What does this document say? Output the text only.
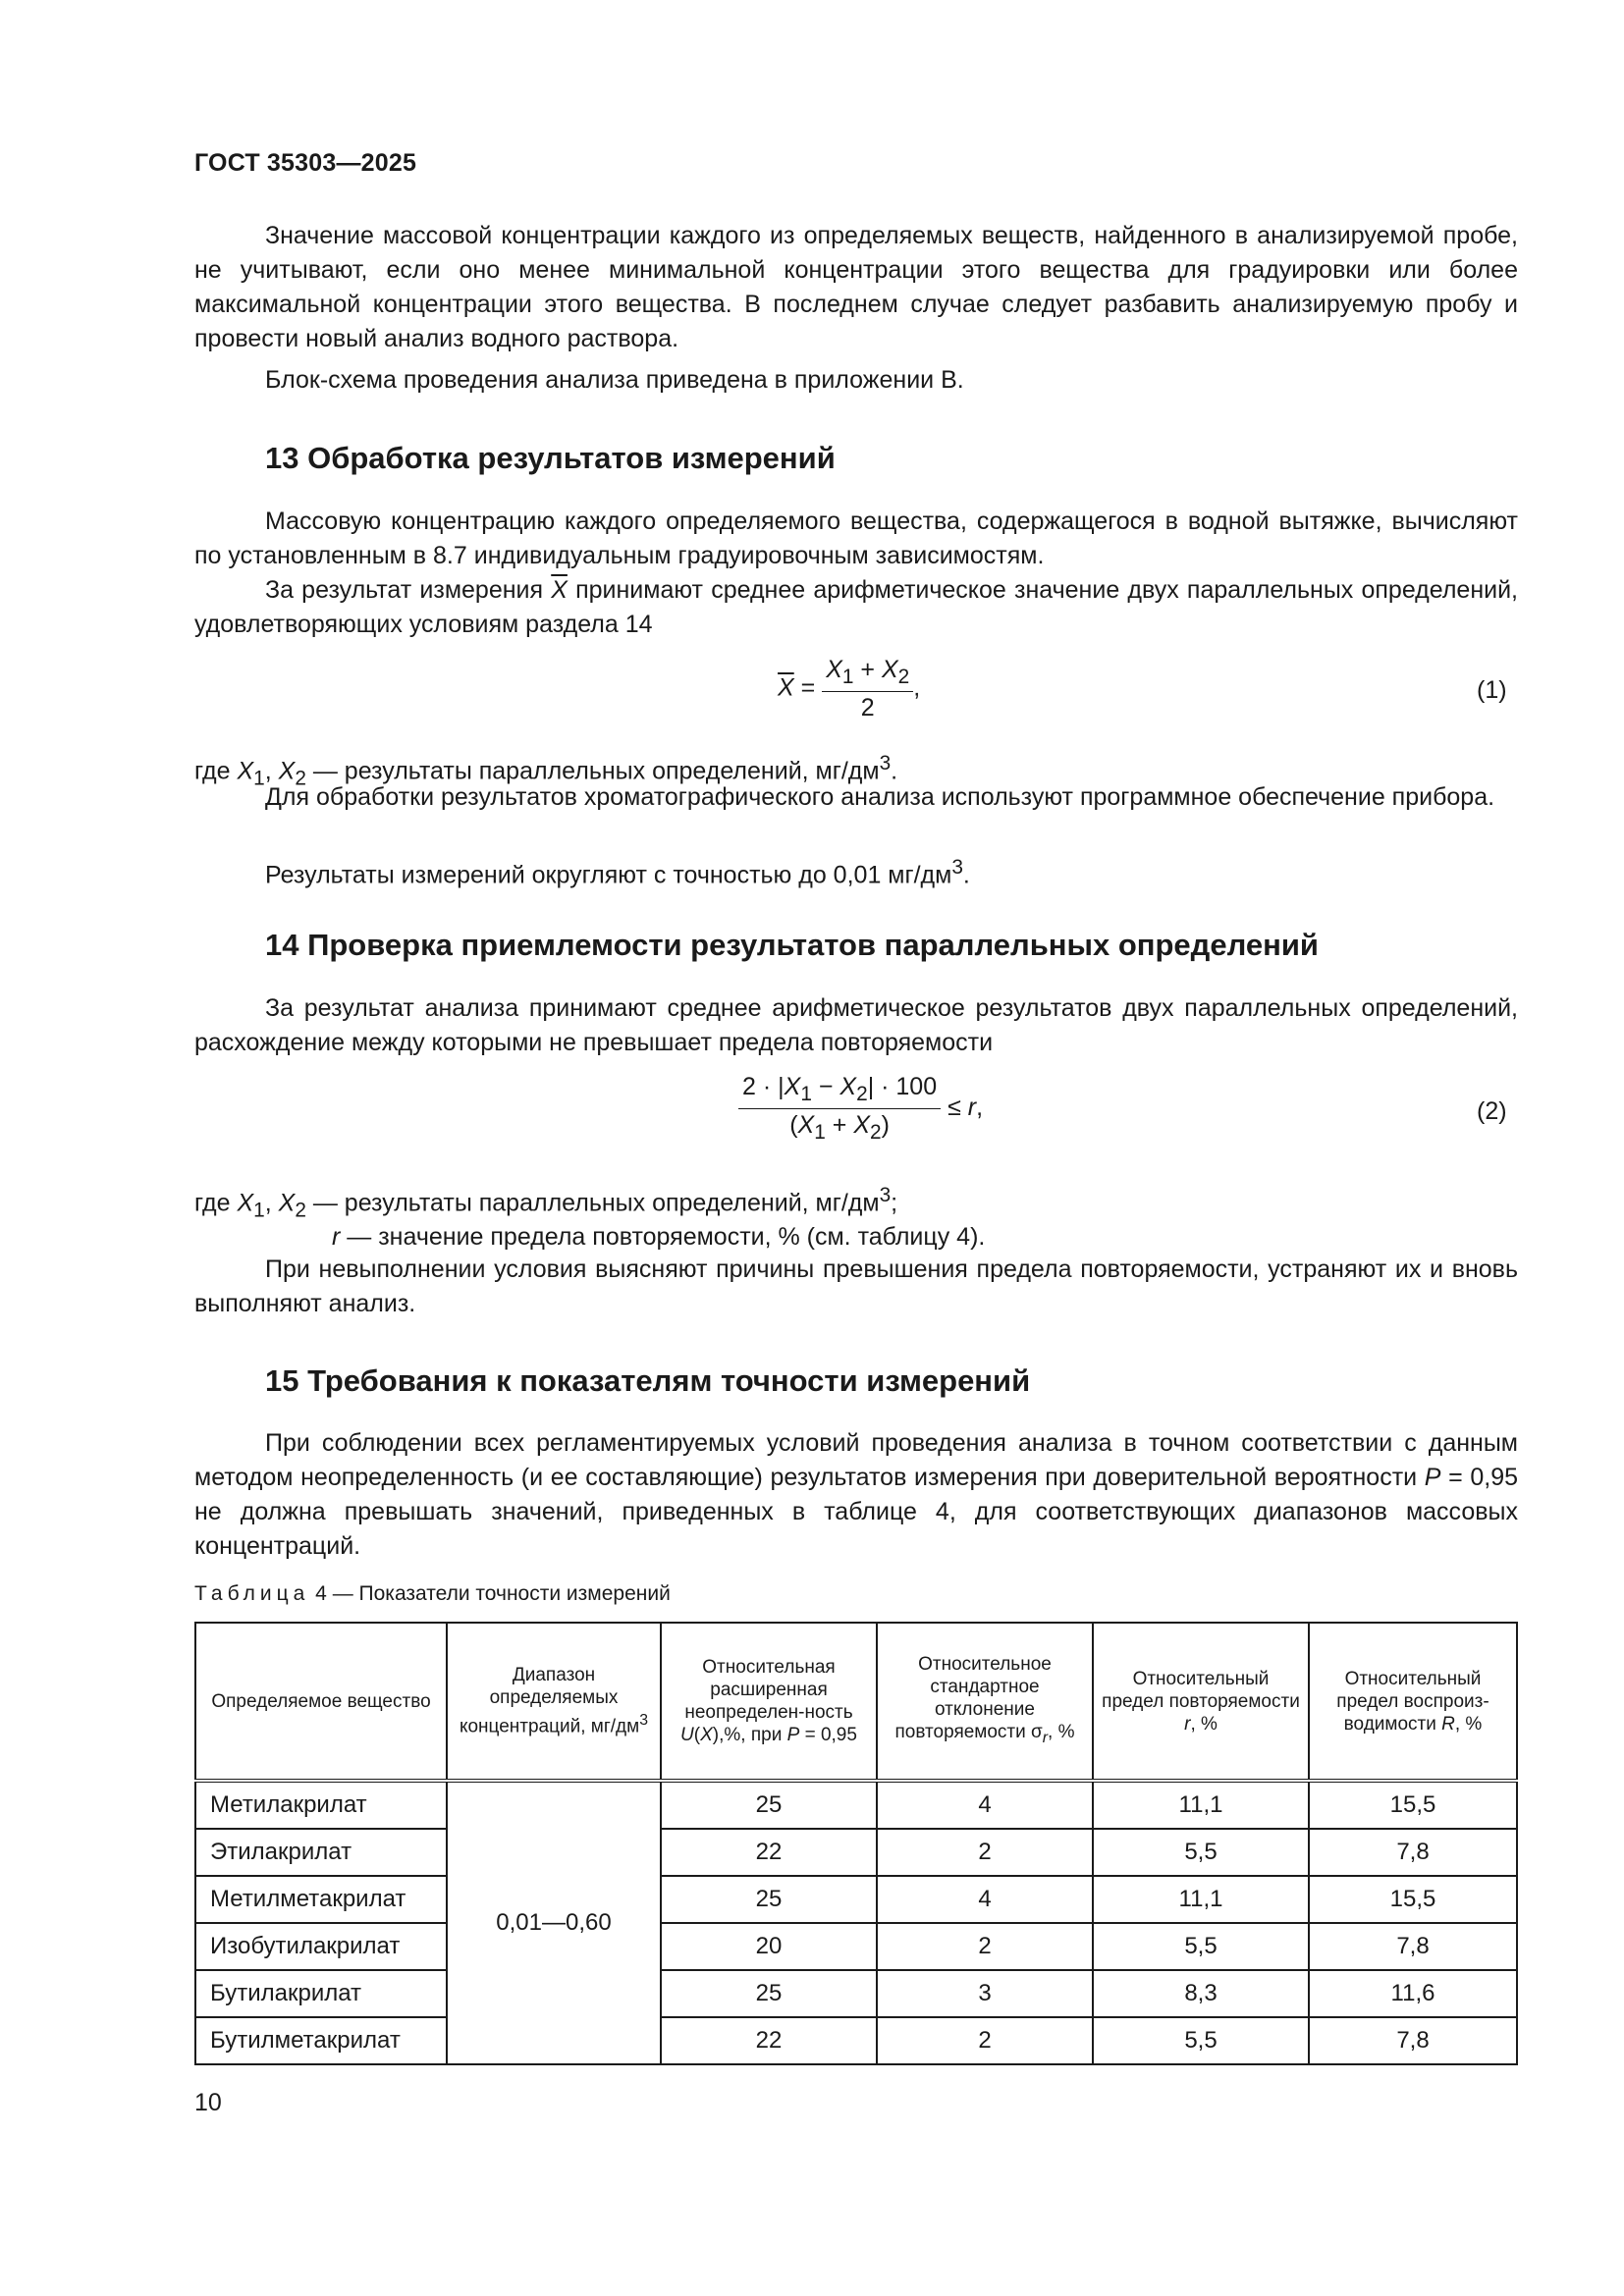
ГОСТ 35303—2025

Значение массовой концентрации каждого из определяемых веществ, найденного в анализируемой пробе, не учитывают, если оно менее минимальной концентрации этого вещества для градуировки или более максимальной концентрации этого вещества. В последнем случае следует разбавить анализируемую пробу и провести новый анализ водного раствора.

Блок-схема проведения анализа приведена в приложении В.

13 Обработка результатов измерений

Массовую концентрацию каждого определяемого вещества, содержащегося в водной вытяжке, вычисляют по установленным в 8.7 индивидуальным градуировочным зависимостям.

За результат измерения $\overline{X}$ принимают среднее арифметическое значение двух параллельных определений, удовлетворяющих условиям раздела 14

$\overline{X} = \frac{X_1 + X_2}{2}$ ,	(1)
где $X_1$, $X_2$ — результаты параллельных определений, $мг/дм^3$.

Для обработки результатов хроматографического анализа используют программное обеспечение прибора.

Результаты измерений округляют с точностью до 0,01 $мг/дм^3$.

14 Проверка приемлемости результатов параллельных определений

За результат анализа принимают среднее арифметическое результатов двух параллельных определений, расхождение между которыми не превышает предела повторяемости

$\frac{2 \cdot |X_1 - X_2| \cdot 100}{(X_1 + X_2)} \le r$,	(2)
где $X_1$, $X_2$ — результаты параллельных определений, $мг/дм^3$;
r — значение предела повторяемости, % (см. таблицу 4).

При невыполнении условия выясняют причины превышения предела повторяемости, устраняют их и вновь выполняют анализ.

15 Требования к показателям точности измерений

При соблюдении всех регламентируемых условий проведения анализа в точном соответствии с данным методом неопределенность (и ее составляющие) результатов измерения при доверительной вероятности P = 0,95 не должна превышать значений, приведенных в таблице 4, для соответствующих диапазонов массовых концентраций.

Таблица 4 — Показатели точности измерений
Определяемое вещество	Диапазон определяемых концентраций, $мг/дм^3$	Относительная расширенная неопределен-ность U(X),%, при P = 0,95	Относительное стандартное отклонение повторяемости $\sigma_r$, %	Относительный предел повторяемости r, %	Относительный предел воспроиз-водимости R, %
Метилакрилат	0,01—0,60	25	4	11,1	15,5
Этилакрилат		22	2	5,5	7,8
Метилметакрилат		25	4	11,1	15,5
Изобутилакрилат		20	2	5,5	7,8
Бутилакрилат		25	3	8,3	11,6
Бутилметакрилат		22	2	5,5	7,8
10
